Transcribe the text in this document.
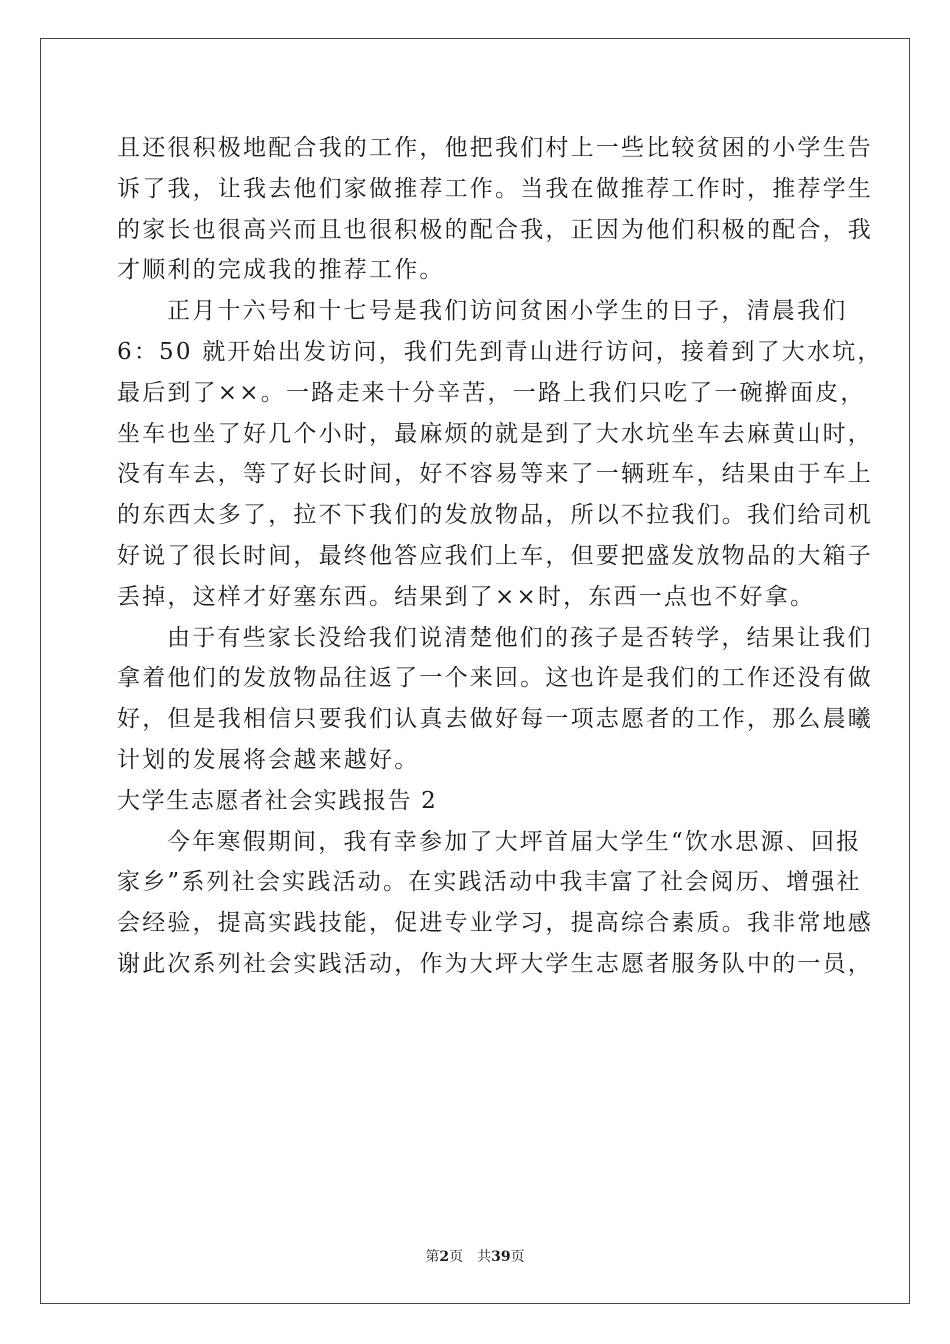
且还很积极地配合我的工作，他把我们村上一些比较贫困的小学生告
诉了我，让我去他们家做推荐工作。当我在做推荐工作时，推荐学生
的家长也很高兴而且也很积极的配合我，正因为他们积极的配合，我
才顺利的完成我的推荐工作。
正月十六号和十七号是我们访问贫困小学生的日子，清晨我们
6：50 就开始出发访问，我们先到青山进行访问，接着到了大水坑，
最后到了××。一路走来十分辛苦，一路上我们只吃了一碗擀面皮，
坐车也坐了好几个小时，最麻烦的就是到了大水坑坐车去麻黄山时，
没有车去，等了好长时间，好不容易等来了一辆班车，结果由于车上
的东西太多了，拉不下我们的发放物品，所以不拉我们。我们给司机
好说了很长时间，最终他答应我们上车，但要把盛发放物品的大箱子
丢掉，这样才好塞东西。结果到了××时，东西一点也不好拿。
由于有些家长没给我们说清楚他们的孩子是否转学，结果让我们
拿着他们的发放物品往返了一个来回。这也许是我们的工作还没有做
好，但是我相信只要我们认真去做好每一项志愿者的工作，那么晨曦
计划的发展将会越来越好。
大学生志愿者社会实践报告 2
今年寒假期间，我有幸参加了大坪首届大学生“饮水思源、回报
家乡”系列社会实践活动。在实践活动中我丰富了社会阅历、增强社
会经验，提高实践技能，促进专业学习，提高综合素质。我非常地感
谢此次系列社会实践活动，作为大坪大学生志愿者服务队中的一员，
第2页 共39页
